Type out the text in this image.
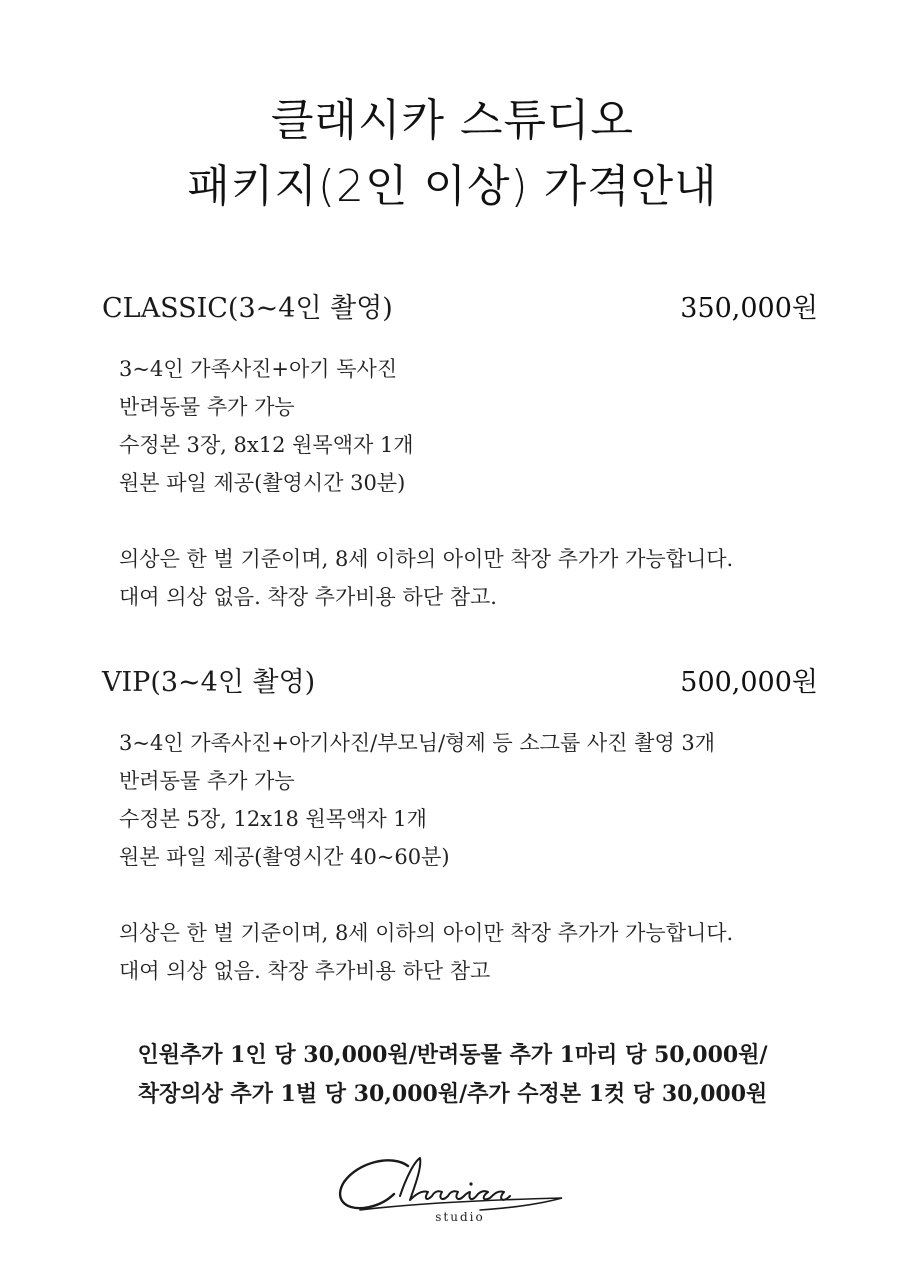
클래시카 스튜디오
패키지(2인 이상) 가격안내
CLASSIC(3~4인 촬영)	350,000원
3~4인 가족사진+아기 독사진
반려동물 추가 가능
수정본 3장, 8x12 원목액자 1개
원본 파일 제공(촬영시간 30분)
의상은 한 벌 기준이며, 8세 이하의 아이만 착장 추가가 가능합니다.
대여 의상 없음. 착장 추가비용 하단 참고.
VIP(3~4인 촬영)	500,000원
3~4인 가족사진+아기사진/부모님/형제 등 소그룹 사진 촬영 3개
반려동물 추가 가능
수정본 5장, 12x18 원목액자 1개
원본 파일 제공(촬영시간 40~60분)
의상은 한 벌 기준이며, 8세 이하의 아이만 착장 추가가 가능합니다.
대여 의상 없음. 착장 추가비용 하단 참고
인원추가 1인 당 30,000원/반려동물 추가 1마리 당 50,000원/
착장의상 추가 1벌 당 30,000원/추가 수정본 1컷 당 30,000원
studio
